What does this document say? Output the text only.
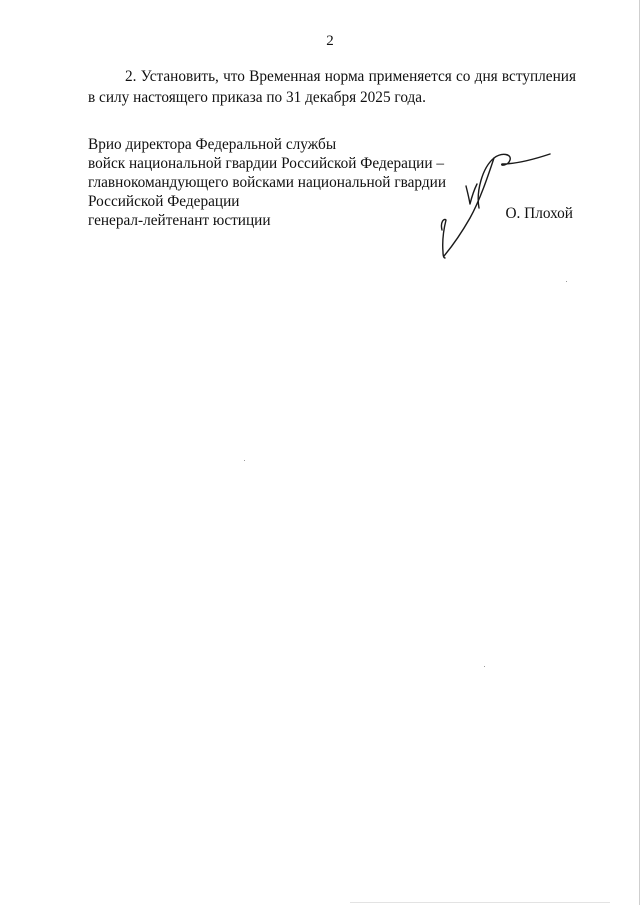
2

2. Установить, что Временная норма применяется со дня вступления
в силу настоящего приказа по 31 декабря 2025 года.

Врио директора Федеральной службы
войск национальной гвардии Российской Федерации –
главнокомандующего войсками национальной гвардии
Российской Федерации
генерал-лейтенант юстиции	О. Плохой
